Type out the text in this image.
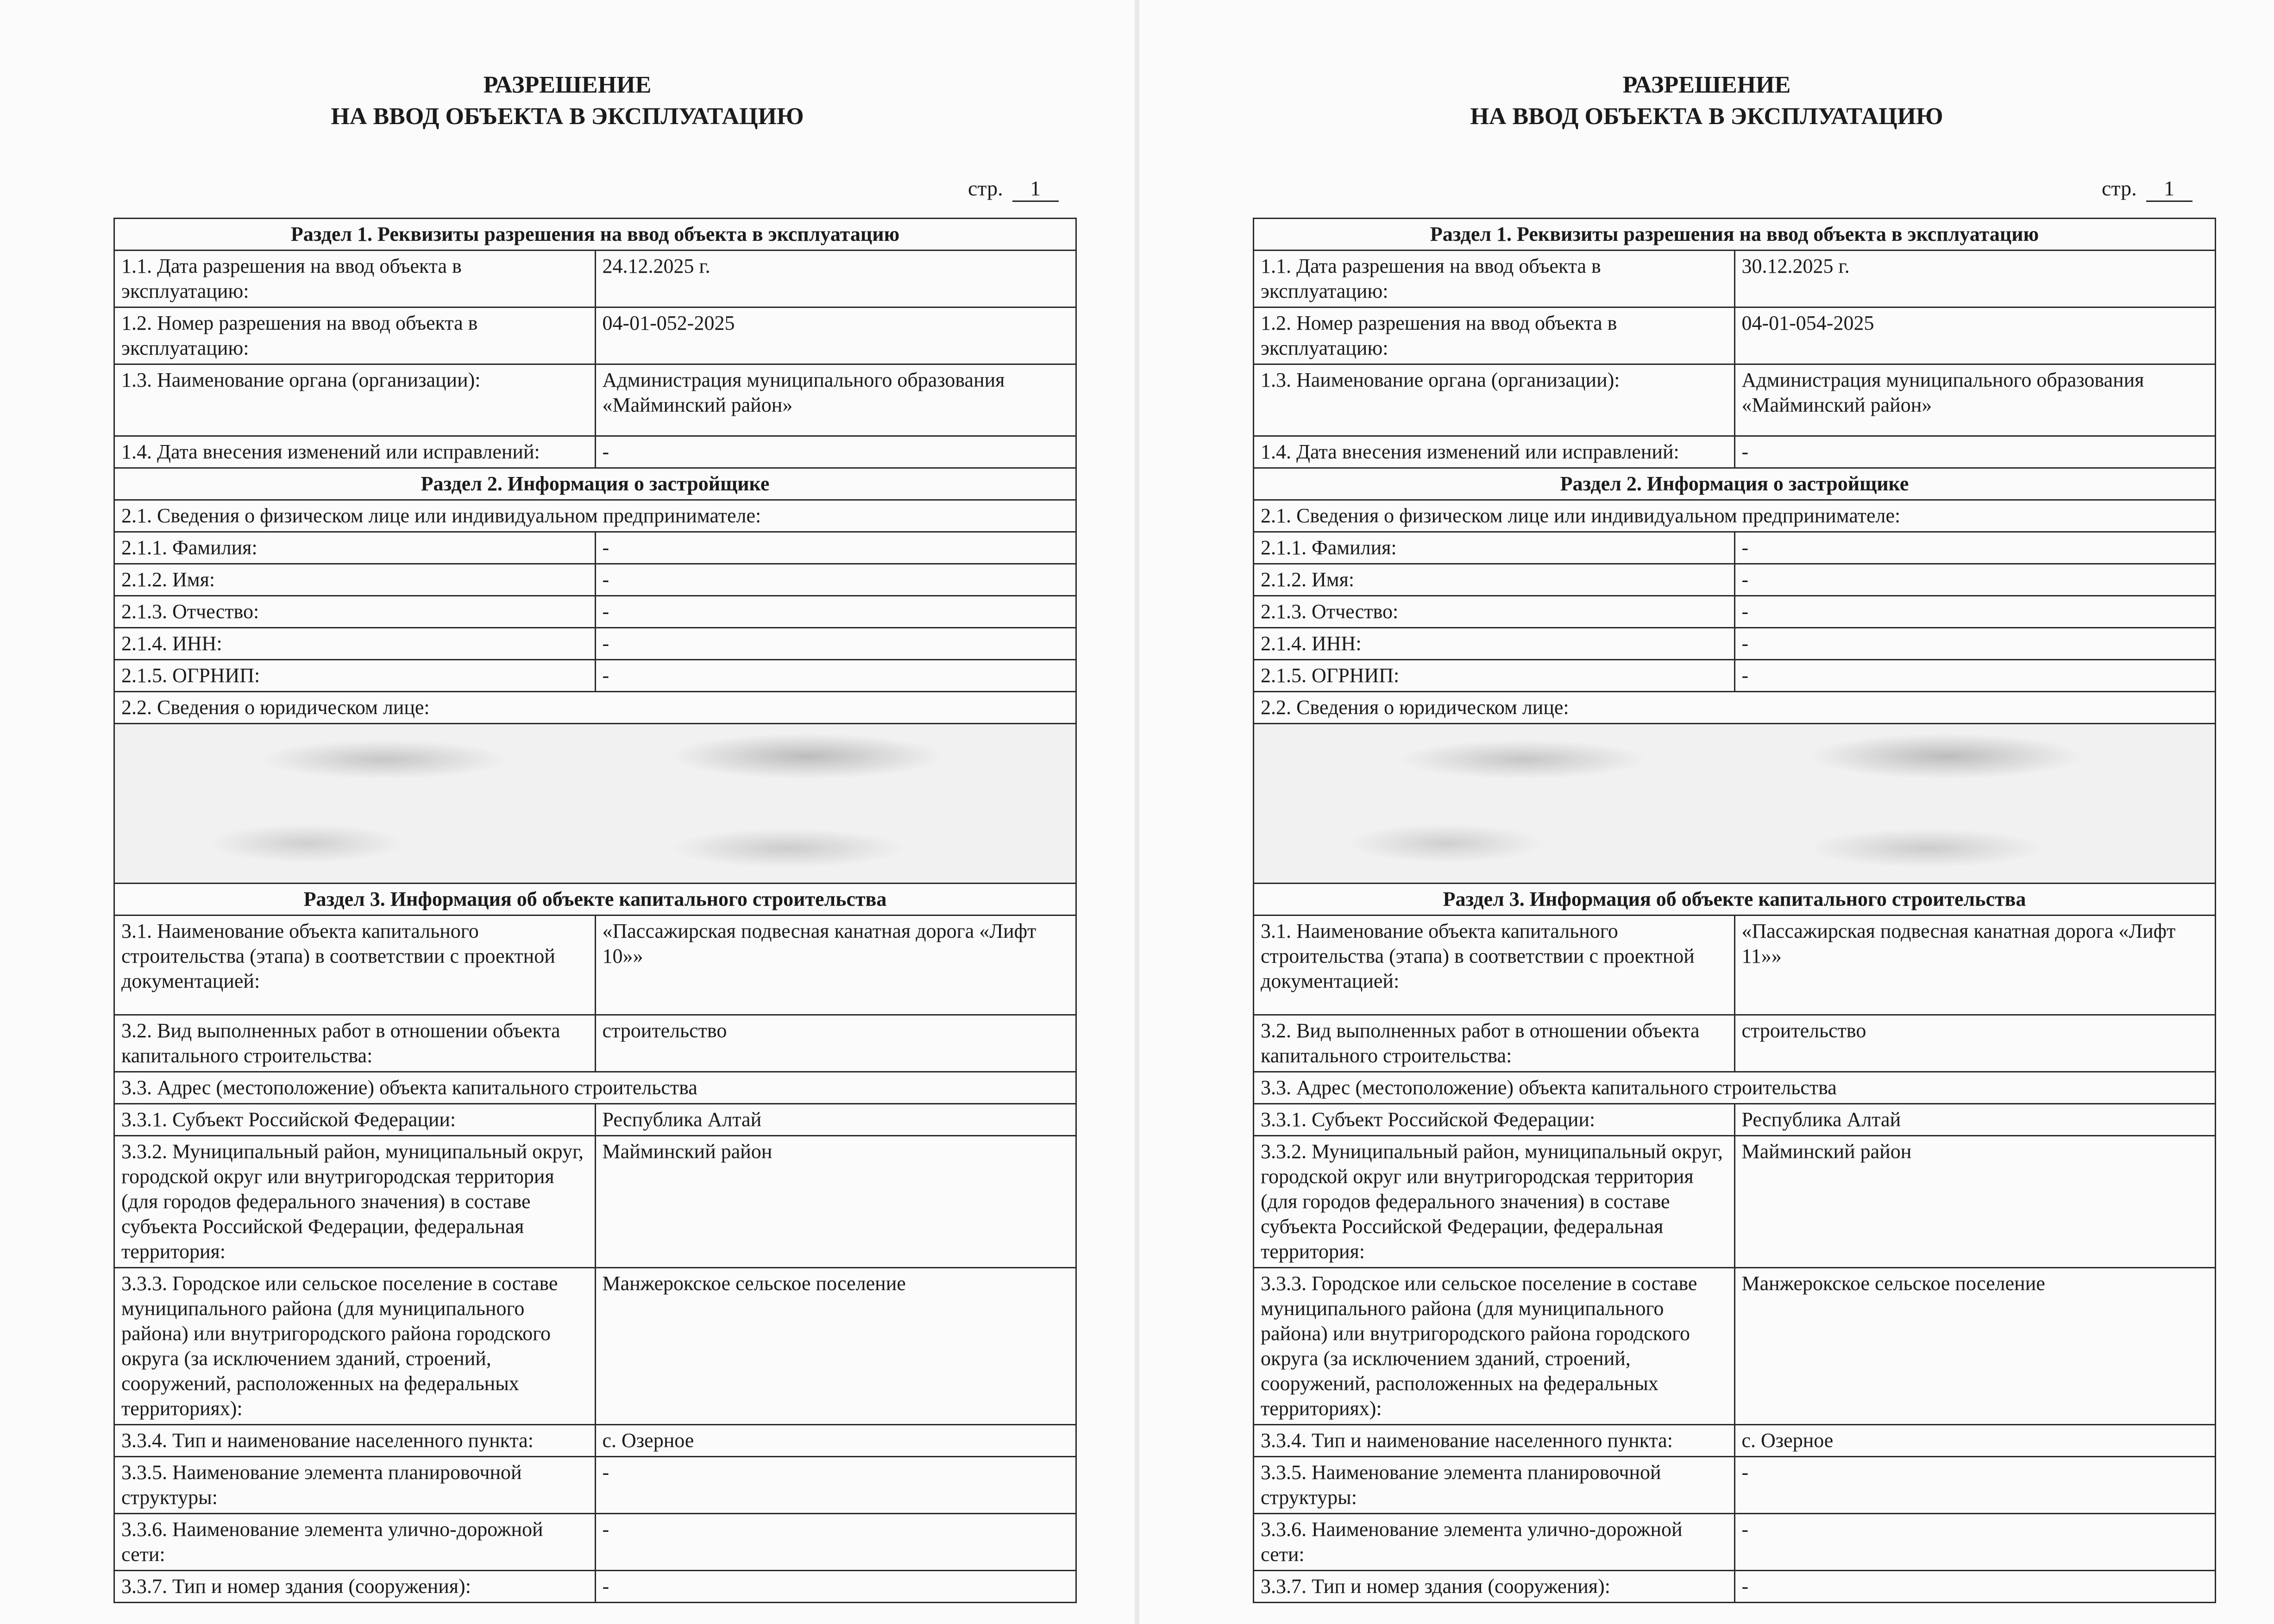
РАЗРЕШЕНИЕ
НА ВВОД ОБЪЕКТА В ЭКСПЛУАТАЦИЮ
стр. 1
Раздел 1. Реквизиты разрешения на ввод объекта в эксплуатацию	
1.1. Дата разрешения на ввод объекта в эксплуатацию:	24.12.2025 г.
1.2. Номер разрешения на ввод объекта в эксплуатацию:	04-01-052-2025
1.3. Наименование органа (организации):	Администрация муниципального образования «Майминский район»
1.4. Дата внесения изменений или исправлений:	-
Раздел 2. Информация о застройщике	
2.1. Сведения о физическом лице или индивидуальном предпринимателе:	
2.1.1. Фамилия:	-
2.1.2. Имя:	-
2.1.3. Отчество:	-
2.1.4. ИНН:	-
2.1.5. ОГРНИП:	-
2.2. Сведения о юридическом лице:	

Раздел 3. Информация об объекте капитального строительства	
3.1. Наименование объекта капитального строительства (этапа) в соответствии с проектной документацией:	«Пассажирская подвесная канатная дорога «Лифт 10»»
3.2. Вид выполненных работ в отношении объекта капитального строительства:	строительство
3.3. Адрес (местоположение) объекта капитального строительства	
3.3.1. Субъект Российской Федерации:	Республика Алтай
3.3.2. Муниципальный район, муниципальный округ, городской округ или внутригородская территория (для городов федерального значения) в составе субъекта Российской Федерации, федеральная территория:	Майминский район
3.3.3. Городское или сельское поселение в составе муниципального района (для муниципального района) или внутригородского района городского округа (за исключением зданий, строений, сооружений, расположенных на федеральных территориях):	Манжерокское сельское поселение
3.3.4. Тип и наименование населенного пункта:	с. Озерное
3.3.5. Наименование элемента планировочной структуры:	-
3.3.6. Наименование элемента улично-дорожной сети:	-
3.3.7. Тип и номер здания (сооружения):	-
РАЗРЕШЕНИЕ
НА ВВОД ОБЪЕКТА В ЭКСПЛУАТАЦИЮ
стр. 1
Раздел 1. Реквизиты разрешения на ввод объекта в эксплуатацию	
1.1. Дата разрешения на ввод объекта в эксплуатацию:	30.12.2025 г.
1.2. Номер разрешения на ввод объекта в эксплуатацию:	04-01-054-2025
1.3. Наименование органа (организации):	Администрация муниципального образования «Майминский район»
1.4. Дата внесения изменений или исправлений:	-
Раздел 2. Информация о застройщике	
2.1. Сведения о физическом лице или индивидуальном предпринимателе:	
2.1.1. Фамилия:	-
2.1.2. Имя:	-
2.1.3. Отчество:	-
2.1.4. ИНН:	-
2.1.5. ОГРНИП:	-
2.2. Сведения о юридическом лице:	

Раздел 3. Информация об объекте капитального строительства	
3.1. Наименование объекта капитального строительства (этапа) в соответствии с проектной документацией:	«Пассажирская подвесная канатная дорога «Лифт 11»»
3.2. Вид выполненных работ в отношении объекта капитального строительства:	строительство
3.3. Адрес (местоположение) объекта капитального строительства	
3.3.1. Субъект Российской Федерации:	Республика Алтай
3.3.2. Муниципальный район, муниципальный округ, городской округ или внутригородская территория (для городов федерального значения) в составе субъекта Российской Федерации, федеральная территория:	Майминский район
3.3.3. Городское или сельское поселение в составе муниципального района (для муниципального района) или внутригородского района городского округа (за исключением зданий, строений, сооружений, расположенных на федеральных территориях):	Манжерокское сельское поселение
3.3.4. Тип и наименование населенного пункта:	с. Озерное
3.3.5. Наименование элемента планировочной структуры:	-
3.3.6. Наименование элемента улично-дорожной сети:	-
3.3.7. Тип и номер здания (сооружения):	-
